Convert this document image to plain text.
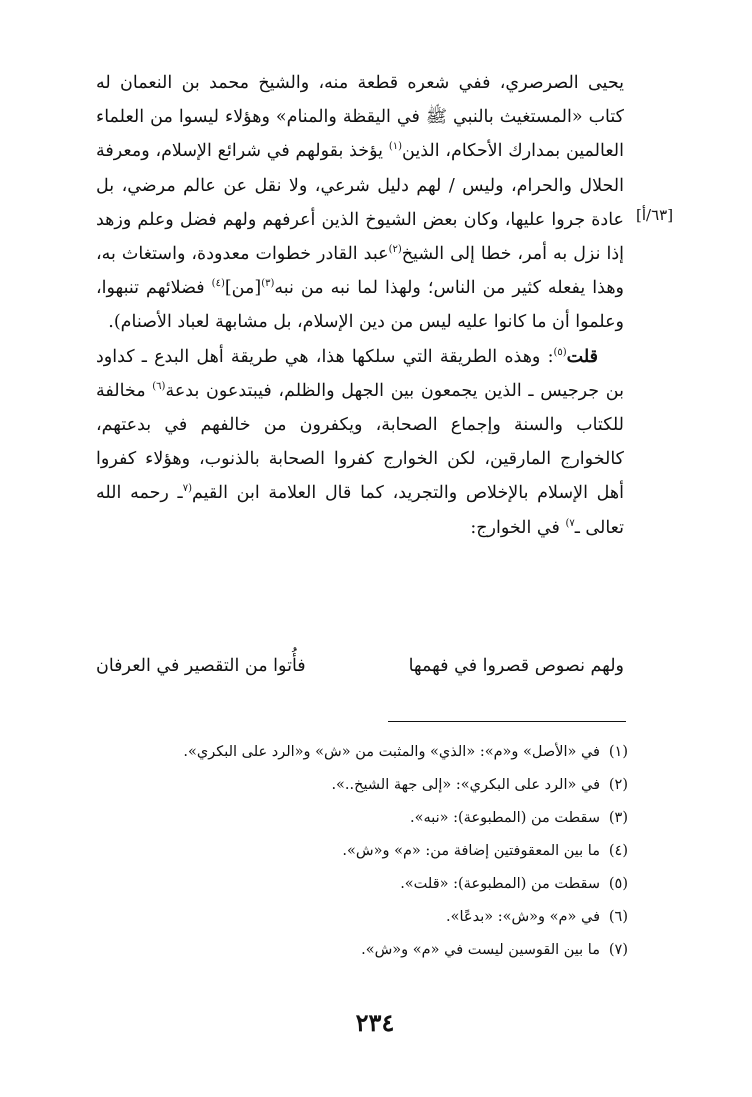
يحيى الصرصري، ففي شعره قطعة منه، والشيخ محمد بن النعمان له كتاب «المستغيث بالنبي ﷺ في اليقظة والمنام» وهؤلاء ليسوا من العلماء العالمين بمدارك الأحكام، الذين$^{(١)}$ يؤخذ بقولهم في شرائع الإسلام، ومعرفة الحلال والحرام، وليس / لهم دليل شرعي، ولا نقل عن عالم مرضي، بل عادة جروا عليها، وكان بعض الشيوخ الذين أعرفهم ولهم فضل وعلم وزهد إذا نزل به أمر، خطا إلى الشيخ$^{(٢)}$عبد القادر خطوات معدودة، واستغاث به، وهذا يفعله كثير من الناس؛ ولهذا لما نبه من نبه$^{(٣)}$[من]$^{(٤)}$ فضلائهم تنبهوا، وعلموا أن ما كانوا عليه ليس من دين الإسلام، بل مشابهة لعباد الأصنام).

قلت$^{(٥)}$: وهذه الطريقة التي سلكها هذا، هي طريقة أهل البدع ـ كداود بن جرجيس ـ الذين يجمعون بين الجهل والظلم، فيبتدعون بدعة$^{(٦)}$ مخالفة للكتاب والسنة وإجماع الصحابة، ويكفرون من خالفهم في بدعتهم، كالخوارج المارقين، لكن الخوارج كفروا الصحابة بالذنوب، وهؤلاء كفروا أهل الإسلام بالإخلاص والتجريد، كما قال العلامة ابن القيم$^{(٧}$ـ رحمه الله تعالى ـ$^{٧)}$ في الخوارج:

[٦٣/أ]
ولهم نصوص قصروا في فهمها
فأُتوا من التقصير في العرفان
(١)
في «الأصل» و«م»: «الذي» والمثبت من «ش» و«الرد على البكري».
(٢)
في «الرد على البكري»: «إلى جهة الشيخ..».
(٣)
سقطت من (المطبوعة): «نبه».
(٤)
ما بين المعقوفتين إضافة من: «م» و«ش».
(٥)
سقطت من (المطبوعة): «قلت».
(٦)
في «م» و«ش»: «بدعًا».
(٧)
ما بين القوسين ليست في «م» و«ش».
٢٣٤
